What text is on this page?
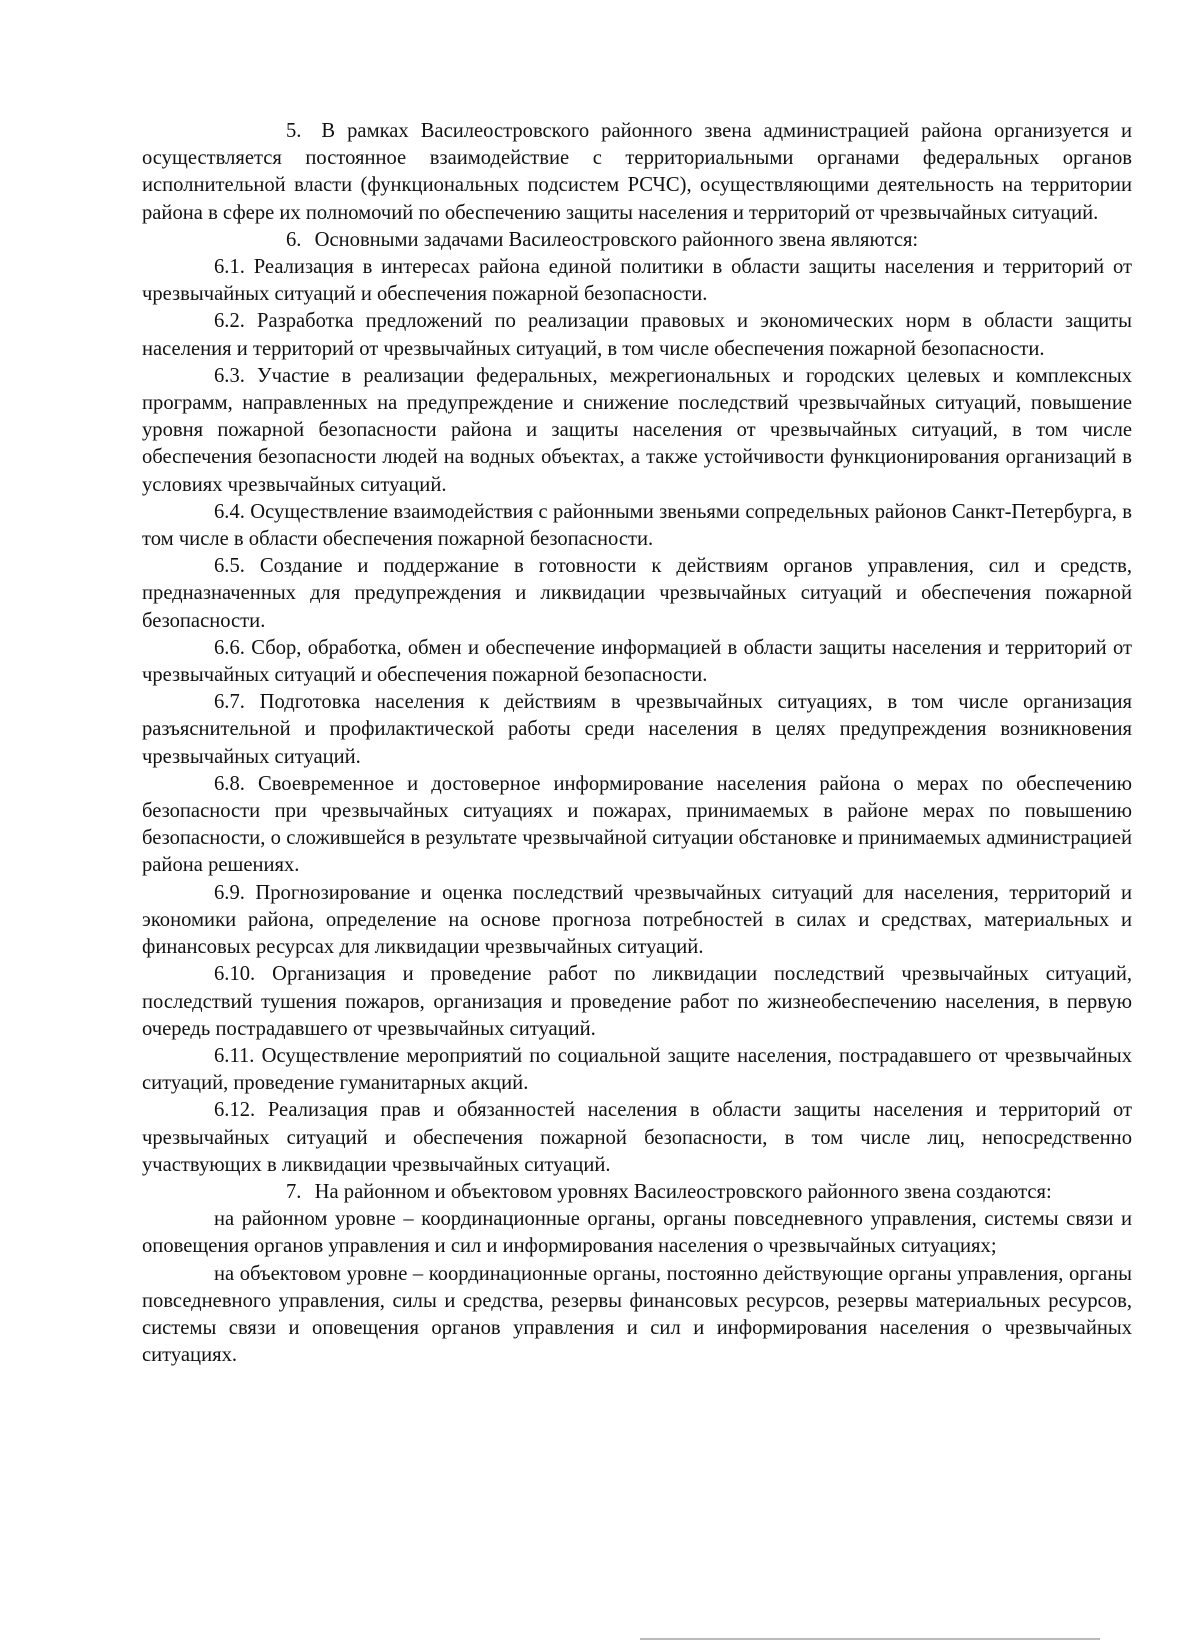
5. В рамках Василеостровского районного звена администрацией района организуется и осуществляется постоянное взаимодействие с территориальными органами федеральных органов исполнительной власти (функциональных подсистем РСЧС), осуществляющими деятельность на территории района в сфере их полномочий по обеспечению защиты населения и территорий от чрезвычайных ситуаций.

6. Основными задачами Василеостровского районного звена являются:

6.1. Реализация в интересах района единой политики в области защиты населения и территорий от чрезвычайных ситуаций и обеспечения пожарной безопасности.

6.2. Разработка предложений по реализации правовых и экономических норм в области защиты населения и территорий от чрезвычайных ситуаций, в том числе обеспечения пожарной безопасности.

6.3. Участие в реализации федеральных, межрегиональных и городских целевых и комплексных программ, направленных на предупреждение и снижение последствий чрезвычайных ситуаций, повышение уровня пожарной безопасности района и защиты населения от чрезвычайных ситуаций, в том числе обеспечения безопасности людей на водных объектах, а также устойчивости функционирования организаций в условиях чрезвычайных ситуаций.

6.4. Осуществление взаимодействия с районными звеньями сопредельных районов Санкт-Петербурга, в том числе в области обеспечения пожарной безопасности.

6.5. Создание и поддержание в готовности к действиям органов управления, сил и средств, предназначенных для предупреждения и ликвидации чрезвычайных ситуаций и обеспечения пожарной безопасности.

6.6. Сбор, обработка, обмен и обеспечение информацией в области защиты населения и территорий от чрезвычайных ситуаций и обеспечения пожарной безопасности.

6.7. Подготовка населения к действиям в чрезвычайных ситуациях, в том числе организация разъяснительной и профилактической работы среди населения в целях предупреждения возникновения чрезвычайных ситуаций.

6.8. Своевременное и достоверное информирование населения района о мерах по обеспечению безопасности при чрезвычайных ситуациях и пожарах, принимаемых в районе мерах по повышению безопасности, о сложившейся в результате чрезвычайной ситуации обстановке и принимаемых администрацией района решениях.

6.9. Прогнозирование и оценка последствий чрезвычайных ситуаций для населения, территорий и экономики района, определение на основе прогноза потребностей в силах и средствах, материальных и финансовых ресурсах для ликвидации чрезвычайных ситуаций.

6.10. Организация и проведение работ по ликвидации последствий чрезвычайных ситуаций, последствий тушения пожаров, организация и проведение работ по жизнеобеспечению населения, в первую очередь пострадавшего от чрезвычайных ситуаций.

6.11. Осуществление мероприятий по социальной защите населения, пострадавшего от чрезвычайных ситуаций, проведение гуманитарных акций.

6.12. Реализация прав и обязанностей населения в области защиты населения и территорий от чрезвычайных ситуаций и обеспечения пожарной безопасности, в том числе лиц, непосредственно участвующих в ликвидации чрезвычайных ситуаций.

7. На районном и объектовом уровнях Василеостровского районного звена создаются:

на районном уровне – координационные органы, органы повседневного управления, системы связи и оповещения органов управления и сил и информирования населения о чрезвычайных ситуациях;

на объектовом уровне – координационные органы, постоянно действующие органы управления, органы повседневного управления, силы и средства, резервы финансовых ресурсов, резервы материальных ресурсов, системы связи и оповещения органов управления и сил и информирования населения о чрезвычайных ситуациях.
